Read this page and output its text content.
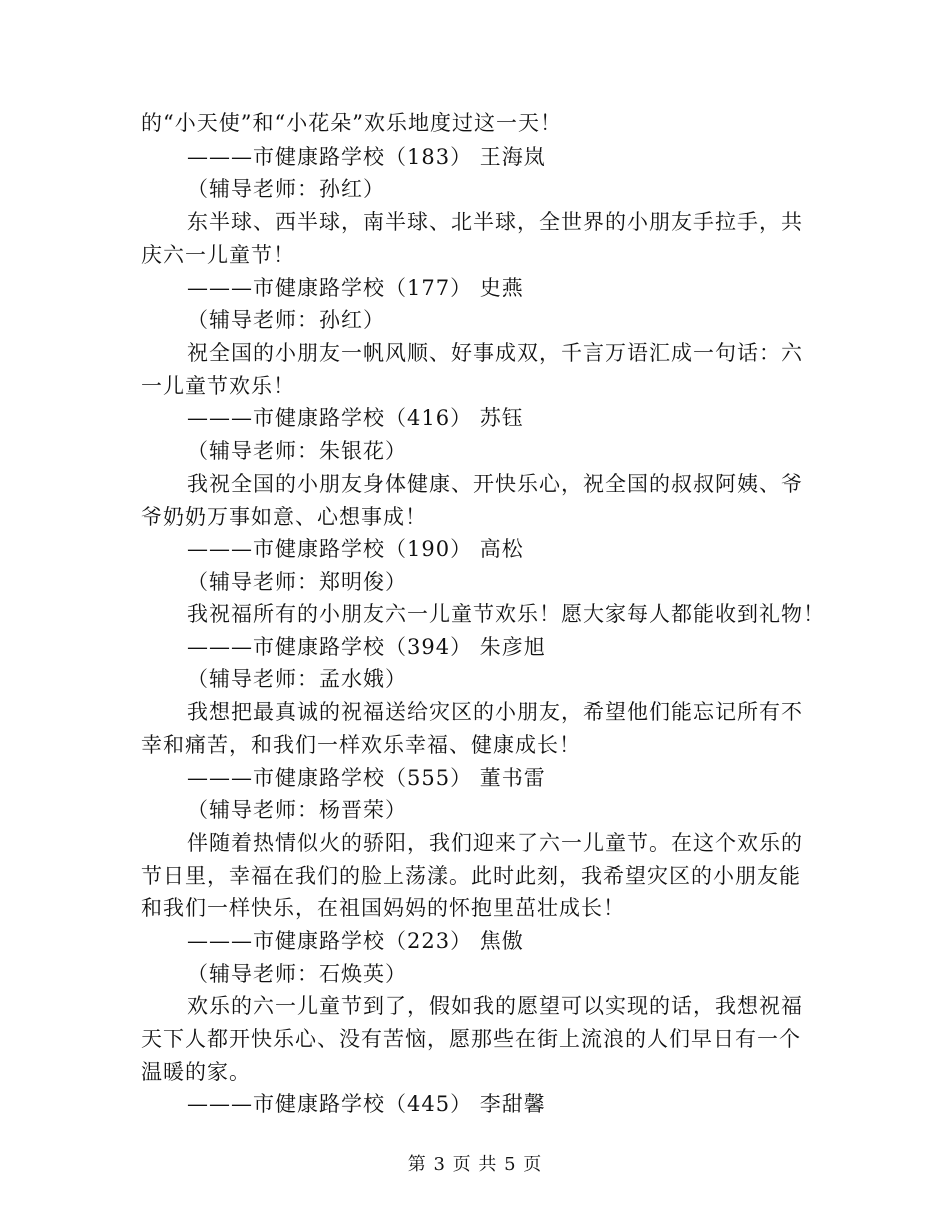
的“小天使”和“小花朵”欢乐地度过这一天！
———市健康路学校（183） 王海岚
（辅导老师：孙红）
东半球、西半球，南半球、北半球，全世界的小朋友手拉手，共
庆六一儿童节！
———市健康路学校（177） 史燕
（辅导老师：孙红）
祝全国的小朋友一帆风顺、好事成双，千言万语汇成一句话：六
一儿童节欢乐！
———市健康路学校（416） 苏钰
（辅导老师：朱银花）
我祝全国的小朋友身体健康、开快乐心，祝全国的叔叔阿姨、爷
爷奶奶万事如意、心想事成！
———市健康路学校（190） 高松
（辅导老师：郑明俊）
我祝福所有的小朋友六一儿童节欢乐！愿大家每人都能收到礼物！
———市健康路学校（394） 朱彦旭
（辅导老师：孟水娥）
我想把最真诚的祝福送给灾区的小朋友，希望他们能忘记所有不
幸和痛苦，和我们一样欢乐幸福、健康成长！
———市健康路学校（555） 董书雷
（辅导老师：杨晋荣）
伴随着热情似火的骄阳，我们迎来了六一儿童节。在这个欢乐的
节日里，幸福在我们的脸上荡漾。此时此刻，我希望灾区的小朋友能
和我们一样快乐，在祖国妈妈的怀抱里茁壮成长！
———市健康路学校（223） 焦傲
（辅导老师：石焕英）
欢乐的六一儿童节到了，假如我的愿望可以实现的话，我想祝福
天下人都开快乐心、没有苦恼，愿那些在街上流浪的人们早日有一个
温暖的家。
———市健康路学校（445） 李甜馨
第 3 页 共 5 页
